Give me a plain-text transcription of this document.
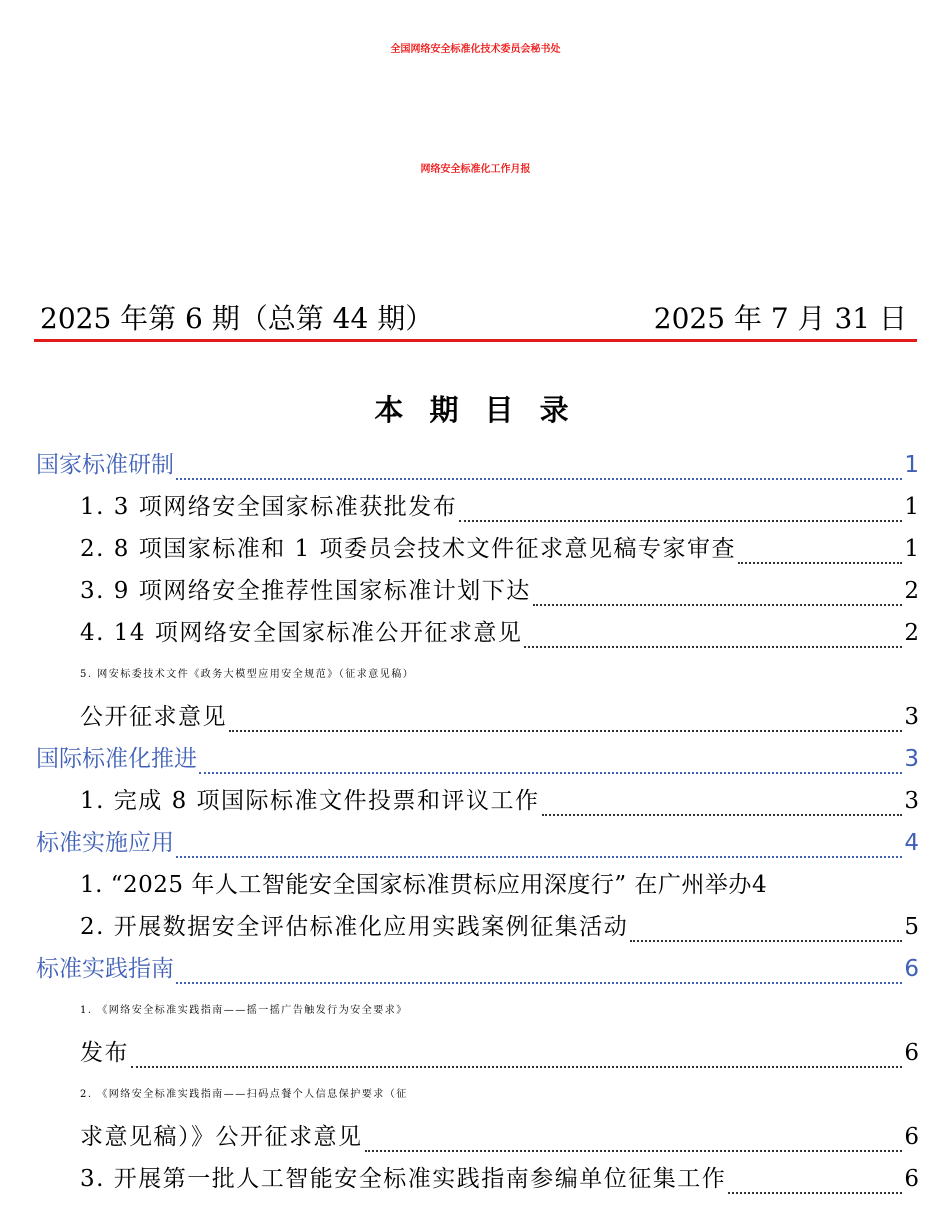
全国网络安全标准化技术委员会秘书处
网络安全标准化工作月报
2025 年第 6 期（总第 44 期）	2025 年 7 月 31 日
本 期 目 录
国家标准研制	1
1. 3 项网络安全国家标准获批发布	1
2. 8 项国家标准和 1 项委员会技术文件征求意见稿专家审查	1
3. 9 项网络安全推荐性国家标准计划下达	2
4. 14 项网络安全国家标准公开征求意见	2
5. 网安标委技术文件《政务大模型应用安全规范》（征求意见稿）
公开征求意见	3
国际标准化推进	3
1. 完成 8 项国际标准文件投票和评议工作	3
标准实施应用	4
1. “2025 年人工智能安全国家标准贯标应用深度行” 在广州举办 4
2. 开展数据安全评估标准化应用实践案例征集活动	5
标准实践指南	6
1. 《网络安全标准实践指南——摇一摇广告触发行为安全要求》
发布	6
2. 《网络安全标准实践指南——扫码点餐个人信息保护要求（征
求意见稿）》公开征求意见	6
3. 开展第一批人工智能安全标准实践指南参编单位征集工作	6
